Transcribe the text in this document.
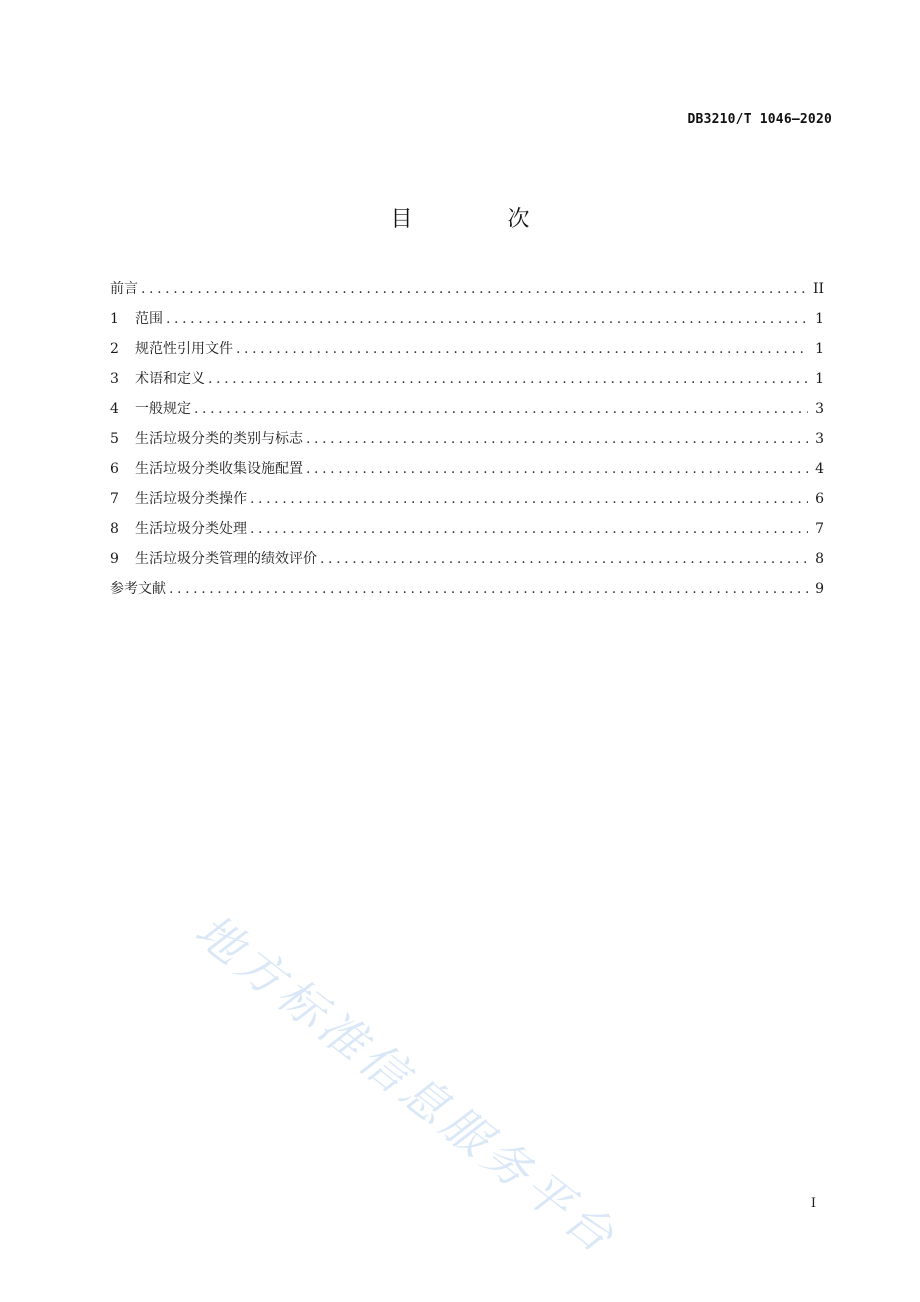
DB3210/T 1046—2020
目 次
前言 .....	II
1	范围 .....	1
2	规范性引用文件 .....	1
3	术语和定义 .....	1
4	一般规定 .....	3
5	生活垃圾分类的类别与标志 .....	3
6	生活垃圾分类收集设施配置 .....	4
7	生活垃圾分类操作 .....	6
8	生活垃圾分类处理 .....	7
9	生活垃圾分类管理的绩效评价 .....	8
参考文献 .....	9
地方标准信息服务平台	I
